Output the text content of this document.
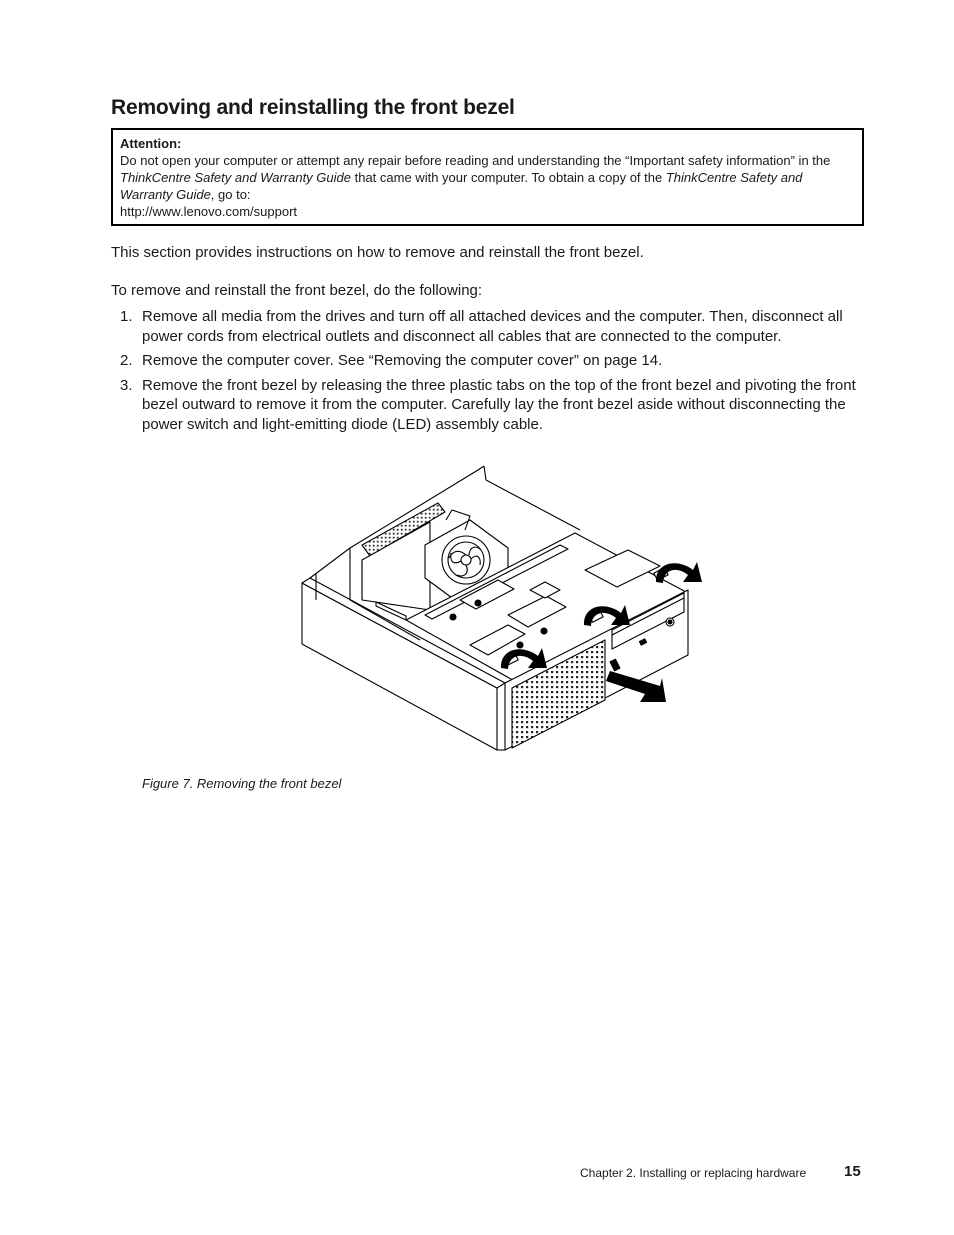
Removing and reinstalling the front bezel
Attention:

Do not open your computer or attempt any repair before reading and understanding the “Important safety information” in the ThinkCentre Safety and Warranty Guide that came with your computer. To obtain a copy of the ThinkCentre Safety and Warranty Guide, go to:

http://www.lenovo.com/support

This section provides instructions on how to remove and reinstall the front bezel.

To remove and reinstall the front bezel, do the following:

1. Remove all media from the drives and turn off all attached devices and the computer. Then, disconnect all power cords from electrical outlets and disconnect all cables that are connected to the computer.
2. Remove the computer cover. See “Removing the computer cover” on page 14.
3. Remove the front bezel by releasing the three plastic tabs on the top of the front bezel and pivoting the front bezel outward to remove it from the computer. Carefully lay the front bezel aside without disconnecting the power switch and light-emitting diode (LED) assembly cable.

Figure 7. Removing the front bezel

Chapter 2. Installing or replacing hardware	15
